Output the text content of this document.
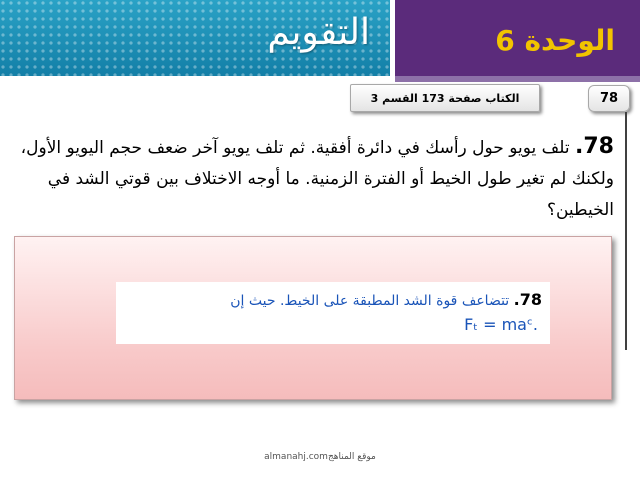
التقويم	الوحدة 6
الكتاب صفحة 173 القسم 3	78
78. تلف يويو حول رأسك في دائرة أفقية. ثم تلف يويو آخر ضعف حجم اليويو الأول، ولكنك لم تغير طول الخيط أو الفترة الزمنية. ما أوجه الاختلاف بين قوتي الشد في الخيطين؟
78. تتضاعف قوة الشد المطبقة على الخيط. حيث إن
Fₜ = maᶜ.
almanahj.comموقع المناهج
